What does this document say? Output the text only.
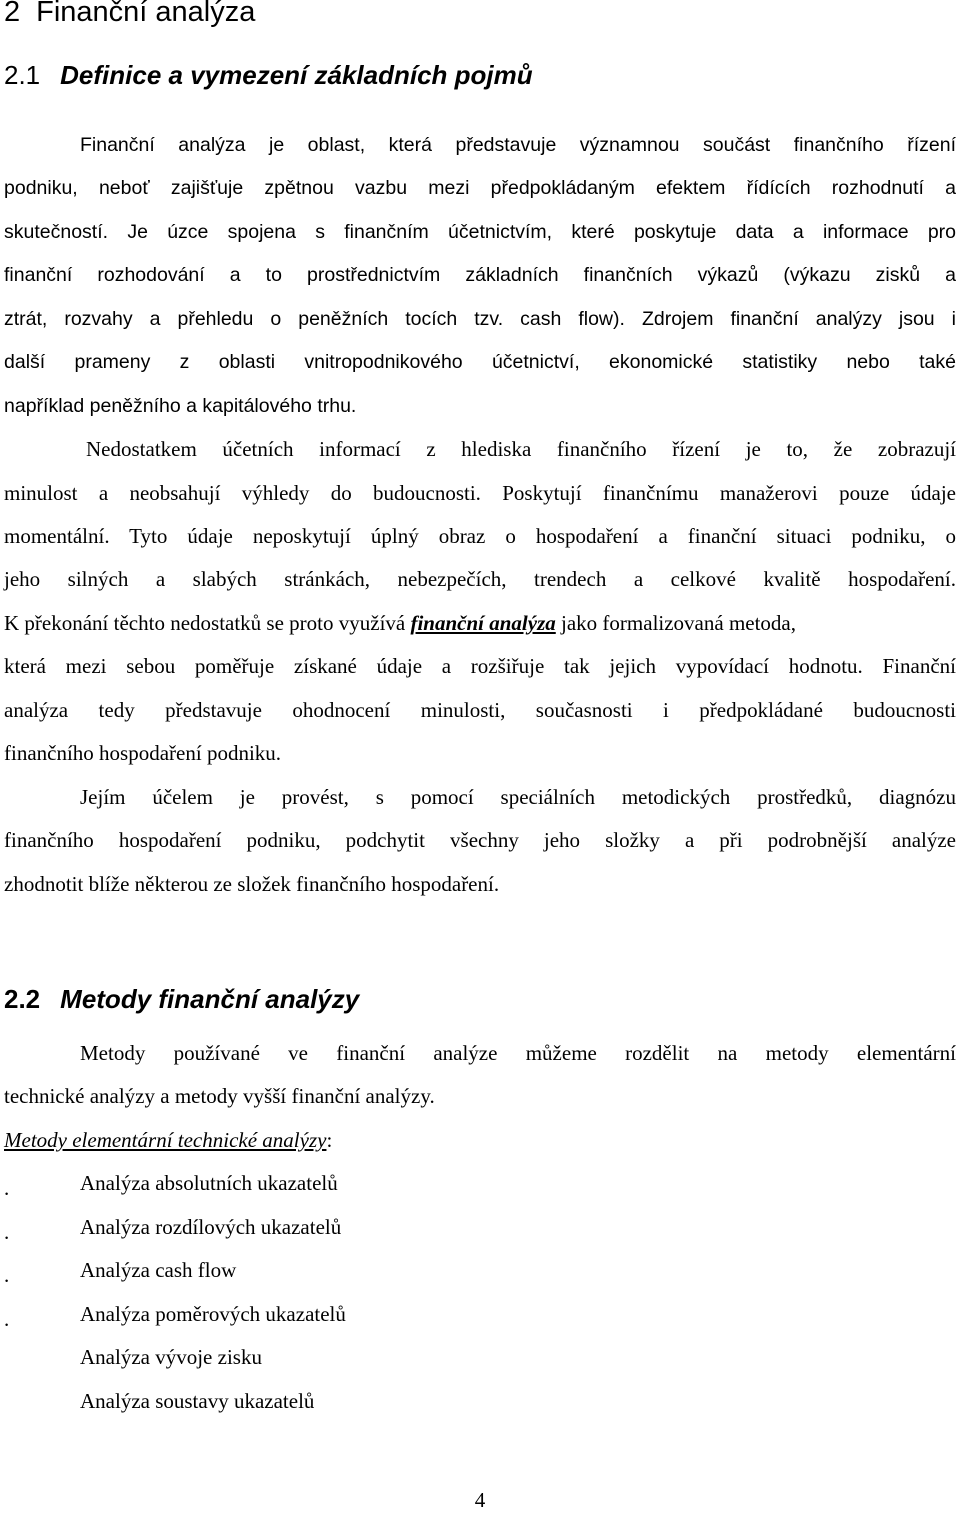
2 Finanční analýza
2.1 Definice a vymezení základních pojmů
Finanční analýza je oblast, která představuje významnou součást finančního řízení
podniku, neboť zajišťuje zpětnou vazbu mezi předpokládaným efektem řídících rozhodnutí a
skutečností. Je úzce spojena s finančním účetnictvím, které poskytuje data a informace pro
finanční rozhodování a to prostřednictvím základních finančních výkazů (výkazu zisků a
ztrát, rozvahy a přehledu o peněžních tocích tzv. cash flow). Zdrojem finanční analýzy jsou i
další prameny z oblasti vnitropodnikového účetnictví, ekonomické statistiky nebo také
například peněžního a kapitálového trhu.
Nedostatkem účetních informací z hlediska finančního řízení je to, že zobrazují
minulost a neobsahují výhledy do budoucnosti. Poskytují finančnímu manažerovi pouze údaje
momentální. Tyto údaje neposkytují úplný obraz o hospodaření a finanční situaci podniku, o
jeho silných a slabých stránkách, nebezpečích, trendech a celkové kvalitě hospodaření.
K překonání těchto nedostatků se proto využívá finanční analýza jako formalizovaná metoda,
která mezi sebou poměřuje získané údaje a rozšiřuje tak jejich vypovídací hodnotu. Finanční
analýza tedy představuje ohodnocení minulosti, současnosti i předpokládané budoucnosti
finančního hospodaření podniku.
Jejím účelem je provést, s pomocí speciálních metodických prostředků, diagnózu
finančního hospodaření podniku, podchytit všechny jeho složky a při podrobnější analýze
zhodnotit blíže některou ze složek finančního hospodaření.
2.2 Metody finanční analýzy
Metody používané ve finanční analýze můžeme rozdělit na metody elementární
technické analýzy a metody vyšší finanční analýzy.
Metody elementární technické analýzy:
.	Analýza absolutních ukazatelů
.	Analýza rozdílových ukazatelů
.	Analýza cash flow
.	Analýza poměrových ukazatelů
Analýza vývoje zisku
Analýza soustavy ukazatelů
4
